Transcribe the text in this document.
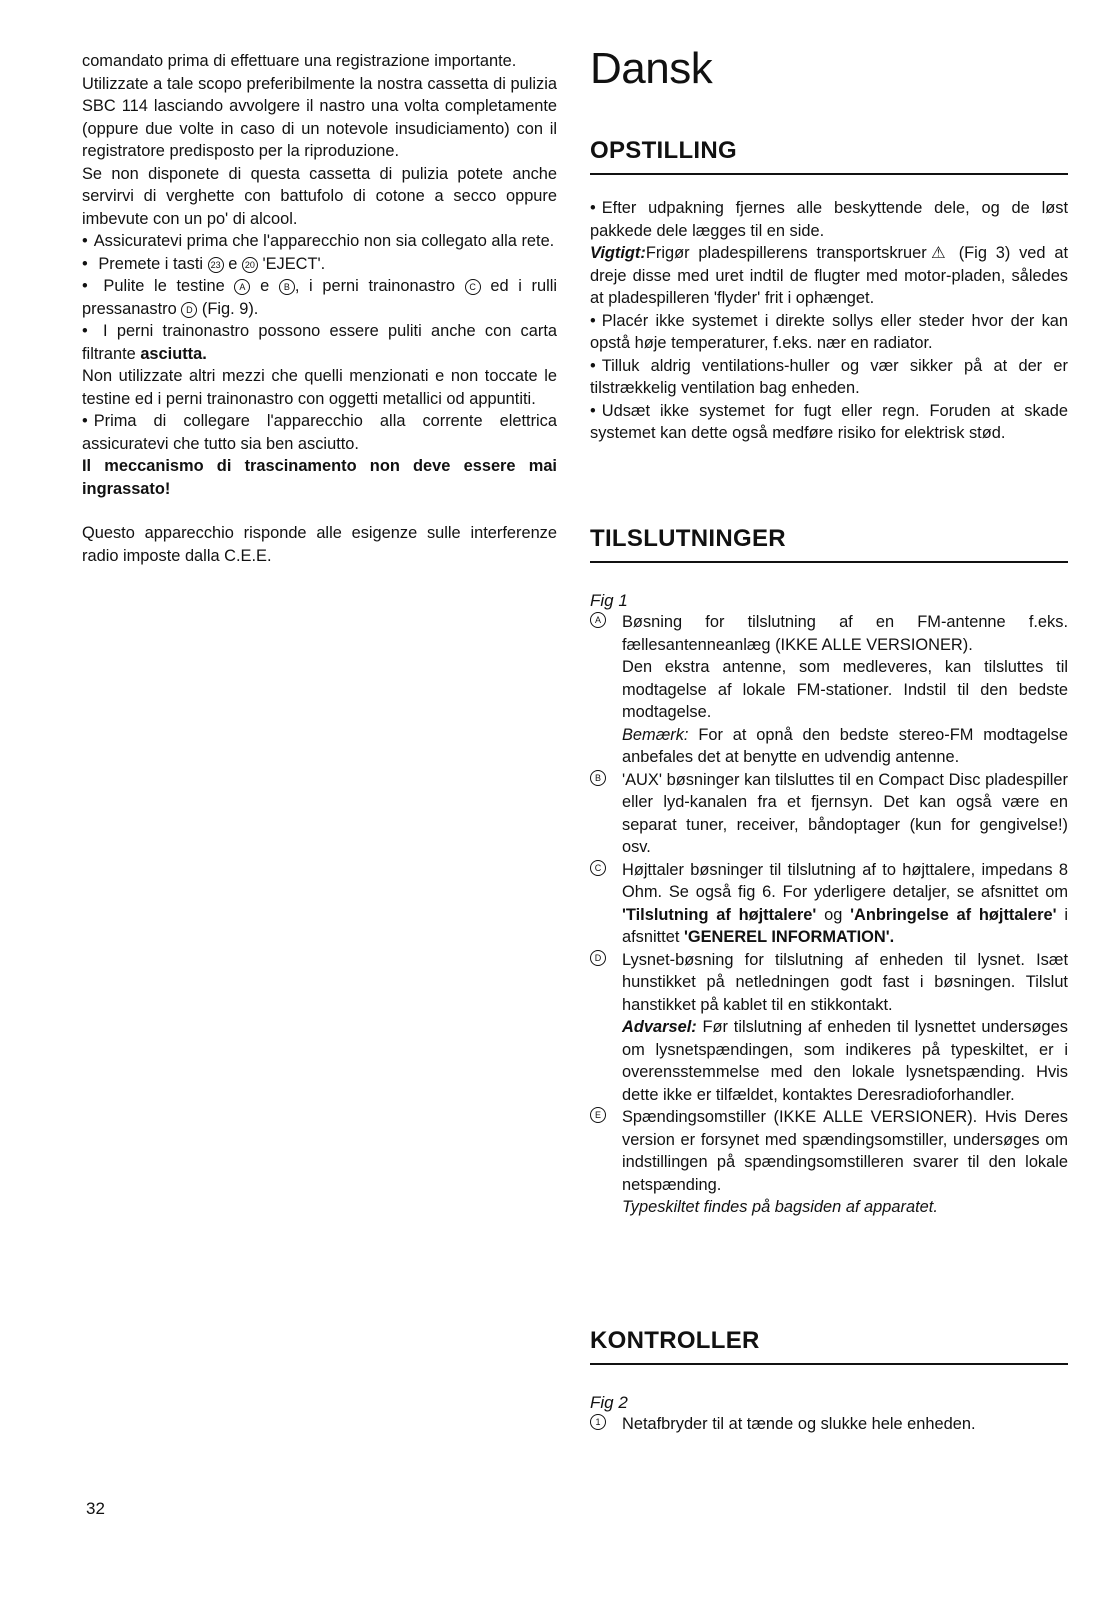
comandato prima di effettuare una registrazione importante.

Utilizzate a tale scopo preferibilmente la nostra cassetta di pulizia SBC 114 lasciando avvolgere il nastro una volta completamente (oppure due volte in caso di un notevole insudiciamento) con il registratore predisposto per la riproduzione.

Se non disponete di questa cassetta di pulizia potete anche servirvi di verghette con battufolo di cotone a secco oppure imbevute con un po' di alcool.

• Assicuratevi prima che l'apparecchio non sia collegato alla rete.

• Premete i tasti 23 e 20 'EJECT'.

• Pulite le testine A e B , i perni trainonastro C ed i rulli pressanastro D (Fig. 9).

• I perni trainonastro possono essere puliti anche con carta filtrante asciutta.

Non utilizzate altri mezzi che quelli menzionati e non toccate le testine ed i perni trainonastro con oggetti metallici od appuntiti.

• Prima di collegare l'apparecchio alla corrente elettrica assicuratevi che tutto sia ben asciutto.

Il meccanismo di trascinamento non deve essere mai ingrassato!

Questo apparecchio risponde alle esigenze sulle interferenze radio imposte dalla C.E.E.

Dansk
OPSTILLING

• Efter udpakning fjernes alle beskyttende dele, og de løst pakkede dele lægges til en side.

Vigtigt:Frigør pladespillerens transportskruer⚠ (Fig 3) ved at dreje disse med uret indtil de flugter med motor-pladen, således at pladespilleren 'flyder' frit i ophænget.

• Placér ikke systemet i direkte sollys eller steder hvor der kan opstå høje temperaturer, f.eks. nær en radiator.

• Tilluk aldrig ventilations-huller og vær sikker på at der er tilstrækkelig ventilation bag enheden.

• Udsæt ikke systemet for fugt eller regn. Foruden at skade systemet kan dette også medføre risiko for elektrisk stød.

TILSLUTNINGER

Fig 1

A	Bøsning for tilslutning af en FM-antenne f.eks. fællesantenneanlæg (IKKE ALLE VERSIONER).

Den ekstra antenne, som medleveres, kan tilsluttes til modtagelse af lokale FM-stationer. Indstil til den bedste modtagelse.

Bemærk: For at opnå den bedste stereo-FM modtagelse anbefales det at benytte en udvendig antenne.

B	'AUX' bøsninger kan tilsluttes til en Compact Disc pladespiller eller lyd-kanalen fra et fjernsyn. Det kan også være en separat tuner, receiver, båndoptager (kun for gengivelse!) osv.

C	Højttaler bøsninger til tilslutning af to højttalere, impedans 8 Ohm. Se også fig 6. For yderligere detaljer, se afsnittet om 'Tilslutning af højttalere' og 'Anbringelse af højttalere' i afsnittet 'GENEREL INFORMATION'.

D	Lysnet-bøsning for tilslutning af enheden til lysnet. Isæt hunstikket på netledningen godt fast i bøsningen. Tilslut hanstikket på kablet til en stikkontakt.

Advarsel: Før tilslutning af enheden til lysnettet undersøges om lysnetspændingen, som indikeres på typeskiltet, er i overensstemmelse med den lokale lysnetspænding. Hvis dette ikke er tilfældet, kontaktes Deresradioforhandler.

E	Spændingsomstiller (IKKE ALLE VERSIONER). Hvis Deres version er forsynet med spændingsomstiller, undersøges om indstillingen på spændingsomstilleren svarer til den lokale netspænding.

Typeskiltet findes på bagsiden af apparatet.

KONTROLLER

Fig 2

1	Netafbryder til at tænde og slukke hele enheden.

32
